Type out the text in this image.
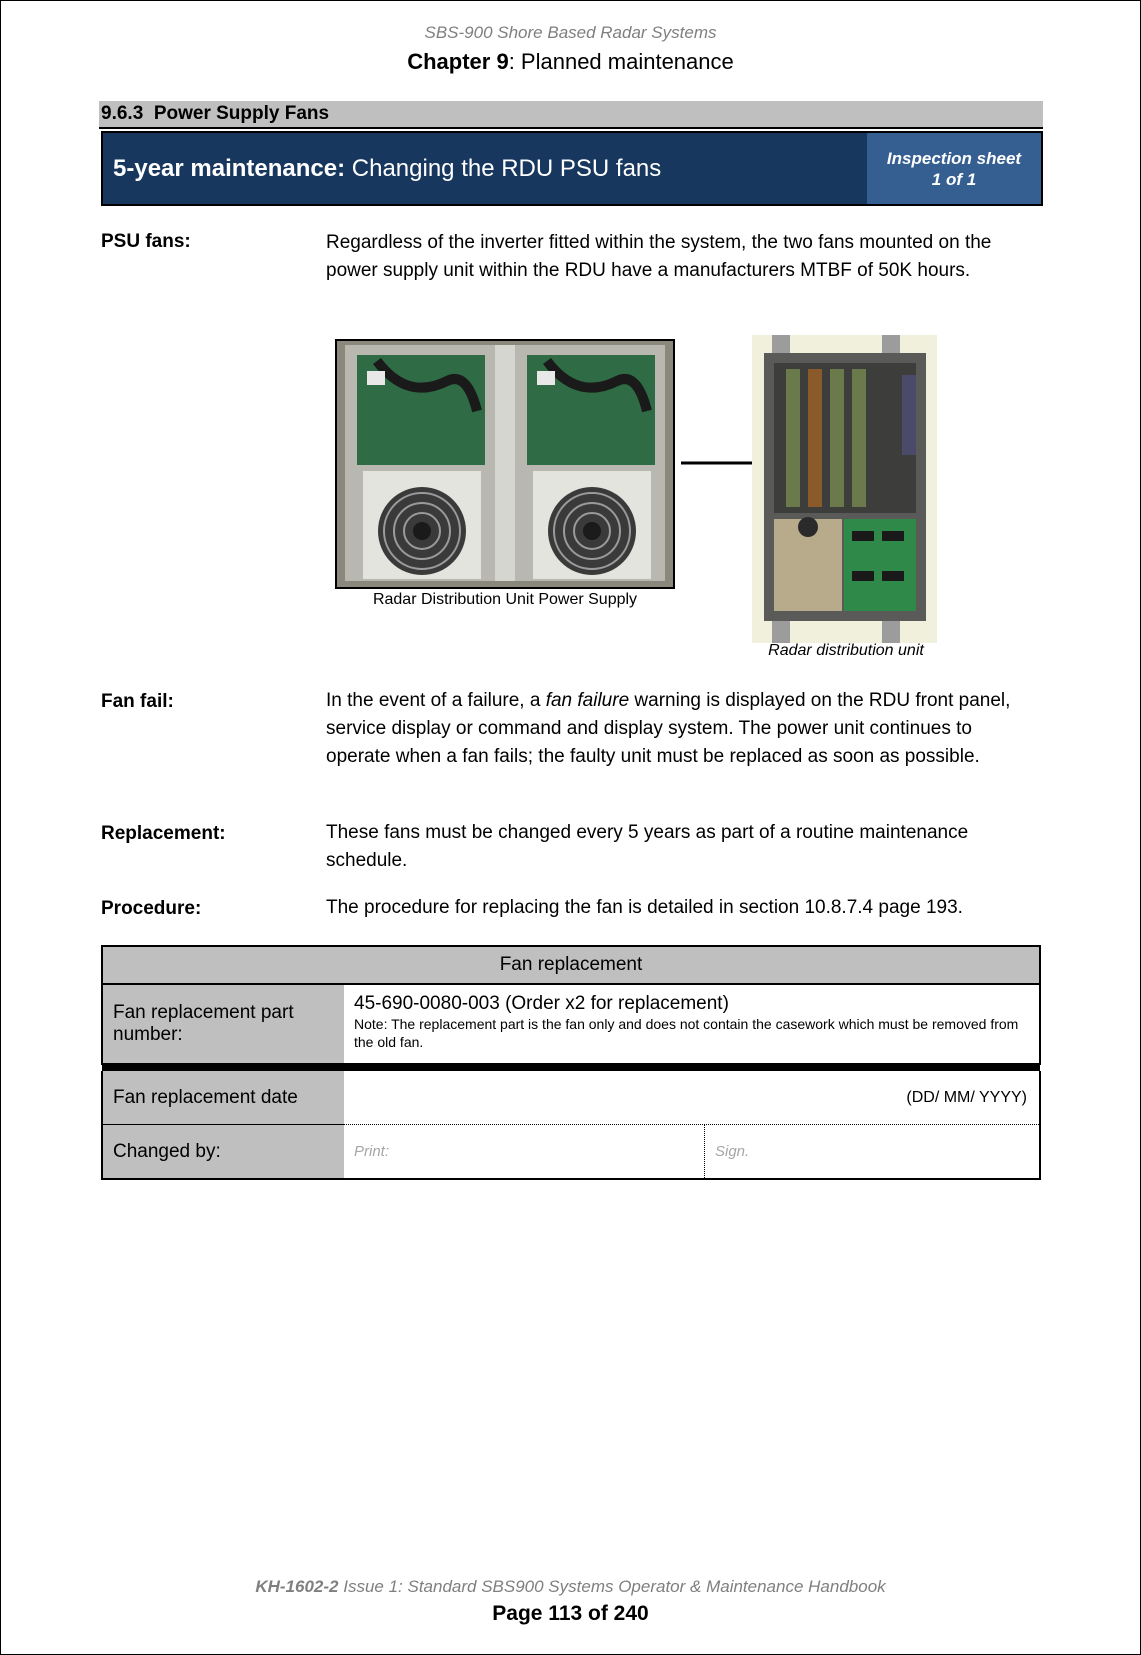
SBS-900 Shore Based Radar Systems
Chapter 9: Planned maintenance
9.6.3  Power Supply Fans
5-year maintenance: Changing the RDU PSU fans	Inspection sheet
1 of 1
PSU fans:	Regardless of the inverter fitted within the system, the two fans mounted on the power supply unit within the RDU have a manufacturers MTBF of 50K hours.
Radar Distribution Unit Power Supply
Radar distribution unit
Fan fail:	In the event of a failure, a fan failure warning is displayed on the RDU front panel, service display or command and display system. The power unit continues to operate when a fan fails; the faulty unit must be replaced as soon as possible.
Replacement:	These fans must be changed every 5 years as part of a routine maintenance schedule.
Procedure:	The procedure for replacing the fan is detailed in section 10.8.7.4 page 193.
Fan replacement		
Fan replacement part number:	45-690-0080-003 (Order x2 for replacement)
Note: The replacement part is the fan only and does not contain the casework which must be removed from the old fan.	

Fan replacement date	(DD/ MM/ YYYY)	
Changed by:	Print:	Sign.
KH-1602-2 Issue 1: Standard SBS900 Systems Operator & Maintenance Handbook
Page 113 of 240
